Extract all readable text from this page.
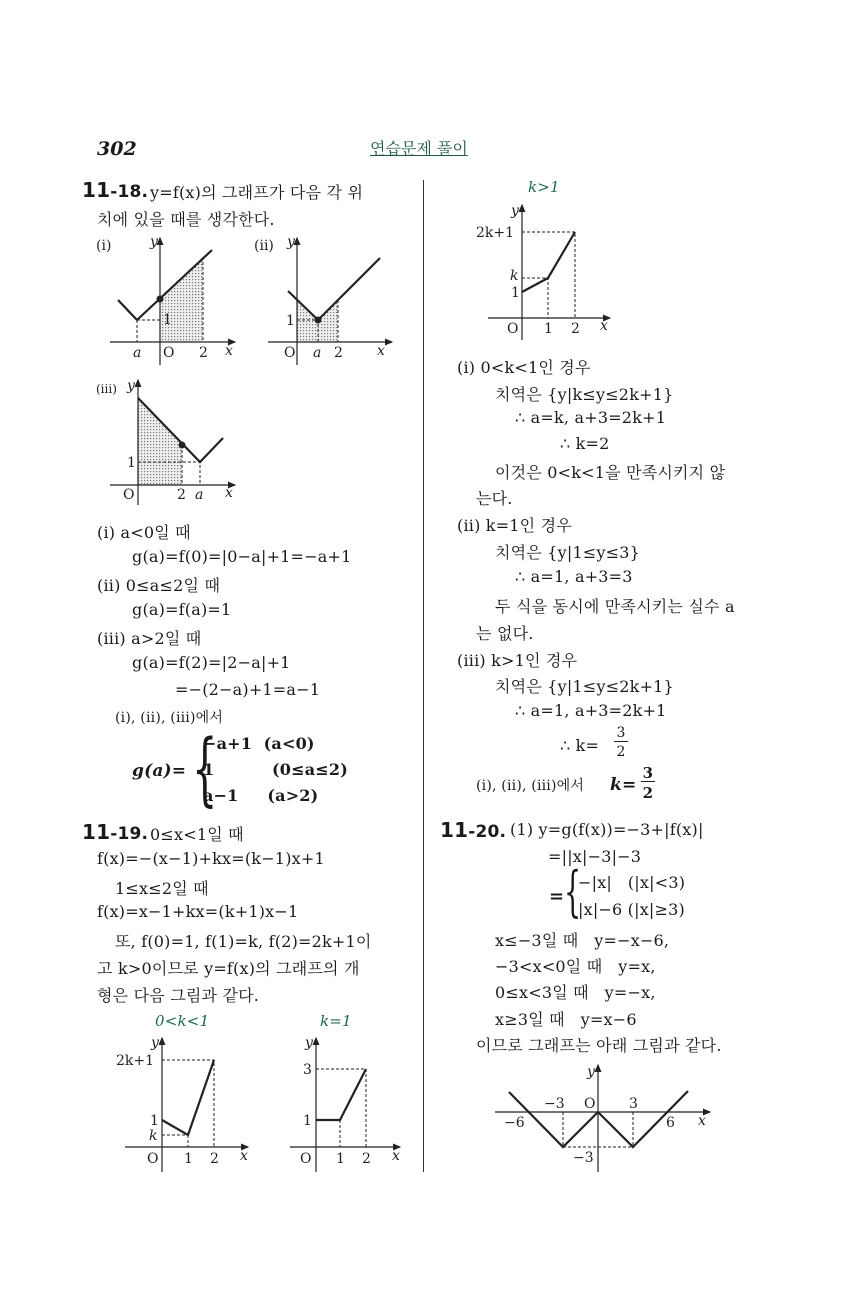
302	연습문제 풀이
11-18. y=f(x)의 그래프가 다음 각 위
치에 있을 때를 생각한다.
(i) a<0일 때
g(a)=f(0)=|0−a|+1=−a+1
(ii) 0≤a≤2일 때
g(a)=f(a)=1
(iii) a>2일 때
g(a)=f(2)=|2−a|+1
=−(2−a)+1=a−1
(i), (ii), (iii)에서
g(a)= {
−a+1  (a<0)
1          (0≤a≤2)
a−1     (a>2)
11-19. 0≤x<1일 때
f(x)=−(x−1)+kx=(k−1)x+1
1≤x≤2일 때
f(x)=x−1+kx=(k+1)x−1
또, f(0)=1, f(1)=k, f(2)=2k+1이
고 k>0이므로 y=f(x)의 그래프의 개
형은 다음 그림과 같다.
0<k<1	k=1
k>1
(i) 0<k<1인 경우
치역은 {y|k≤y≤2k+1}
∴ a=k, a+3=2k+1
∴ k=2
이것은 0<k<1을 만족시키지 않
는다.
(ii) k=1인 경우
치역은 {y|1≤y≤3}
∴ a=1, a+3=3
두 식을 동시에 만족시키는 실수 a
는 없다.
(iii) k>1인 경우
치역은 {y|1≤y≤2k+1}
∴ a=1, a+3=2k+1
∴ k=
3
2
(i), (ii), (iii)에서 k=
3
2
11-20. (1) y=g(f(x))=−3+|f(x)|
=||x|−3|−3
= {
−|x|   (|x|<3)
|x|−6 (|x|≥3)
x≤−3일 때   y=−x−6,
−3<x<0일 때   y=x,
0≤x<3일 때   y=−x,
x≥3일 때   y=x−6
이므로 그래프는 아래 그림과 같다.
(i)	y
1
a O 2 x
(ii) y
1
O a 2 x
(iii) y
1
O	2 a x
y
2k+1
1
k
O 1 2 x
y
3
1
O 1 2 x
y
2k+1
k
1
O 1 2 x
y
O
−3	3
−6	6 x
−3
